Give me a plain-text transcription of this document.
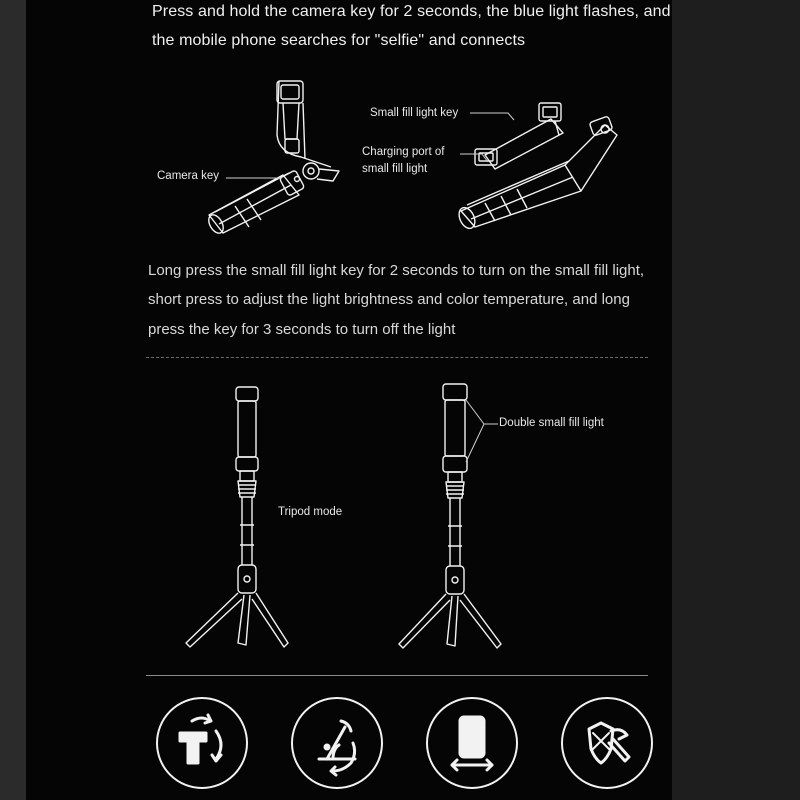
Press and hold the camera key for 2 seconds, the blue light flashes, and
the mobile phone searches for "selfie" and connects
Camera key
Small fill light key
Charging port of
small fill light
Long press the small fill light key for 2 seconds to turn on the small fill light,
short press to adjust the light brightness and color temperature, and long
press the key for 3 seconds to turn off the light
Tripod mode
Double small fill light
